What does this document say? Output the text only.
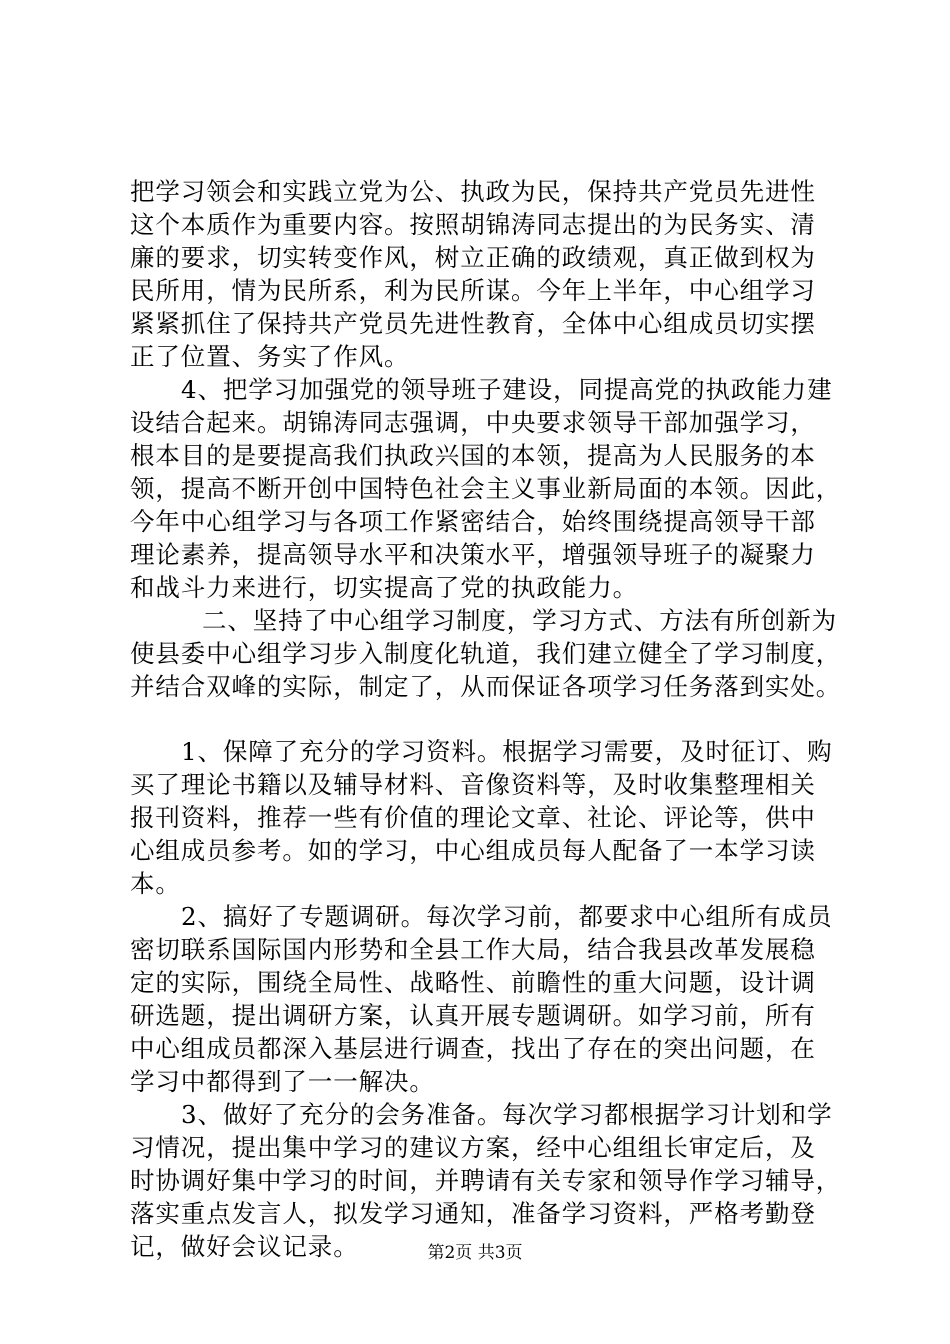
把学习领会和实践立党为公、执政为民，保持共产党员先进性
这个本质作为重要内容。按照胡锦涛同志提出的为民务实、清
廉的要求，切实转变作风，树立正确的政绩观，真正做到权为
民所用，情为民所系，利为民所谋。今年上半年，中心组学习
紧紧抓住了保持共产党员先进性教育，全体中心组成员切实摆
正了位置、务实了作风。
4、把学习加强党的领导班子建设，同提高党的执政能力建
设结合起来。胡锦涛同志强调，中央要求领导干部加强学习，
根本目的是要提高我们执政兴国的本领，提高为人民服务的本
领，提高不断开创中国特色社会主义事业新局面的本领。因此，
今年中心组学习与各项工作紧密结合，始终围绕提高领导干部
理论素养，提高领导水平和决策水平，增强领导班子的凝聚力
和战斗力来进行，切实提高了党的执政能力。
二、坚持了中心组学习制度，学习方式、方法有所创新为
使县委中心组学习步入制度化轨道，我们建立健全了学习制度，
并结合双峰的实际，制定了，从而保证各项学习任务落到实处。
1、保障了充分的学习资料。根据学习需要，及时征订、购
买了理论书籍以及辅导材料、音像资料等，及时收集整理相关
报刊资料，推荐一些有价值的理论文章、社论、评论等，供中
心组成员参考。如的学习，中心组成员每人配备了一本学习读
本。
2、搞好了专题调研。每次学习前，都要求中心组所有成员
密切联系国际国内形势和全县工作大局，结合我县改革发展稳
定的实际，围绕全局性、战略性、前瞻性的重大问题，设计调
研选题，提出调研方案，认真开展专题调研。如学习前，所有
中心组成员都深入基层进行调查，找出了存在的突出问题，在
学习中都得到了一一解决。
3、做好了充分的会务准备。每次学习都根据学习计划和学
习情况，提出集中学习的建议方案，经中心组组长审定后，及
时协调好集中学习的时间，并聘请有关专家和领导作学习辅导，
落实重点发言人，拟发学习通知，准备学习资料，严格考勤登
记，做好会议记录。	第2页 共3页
